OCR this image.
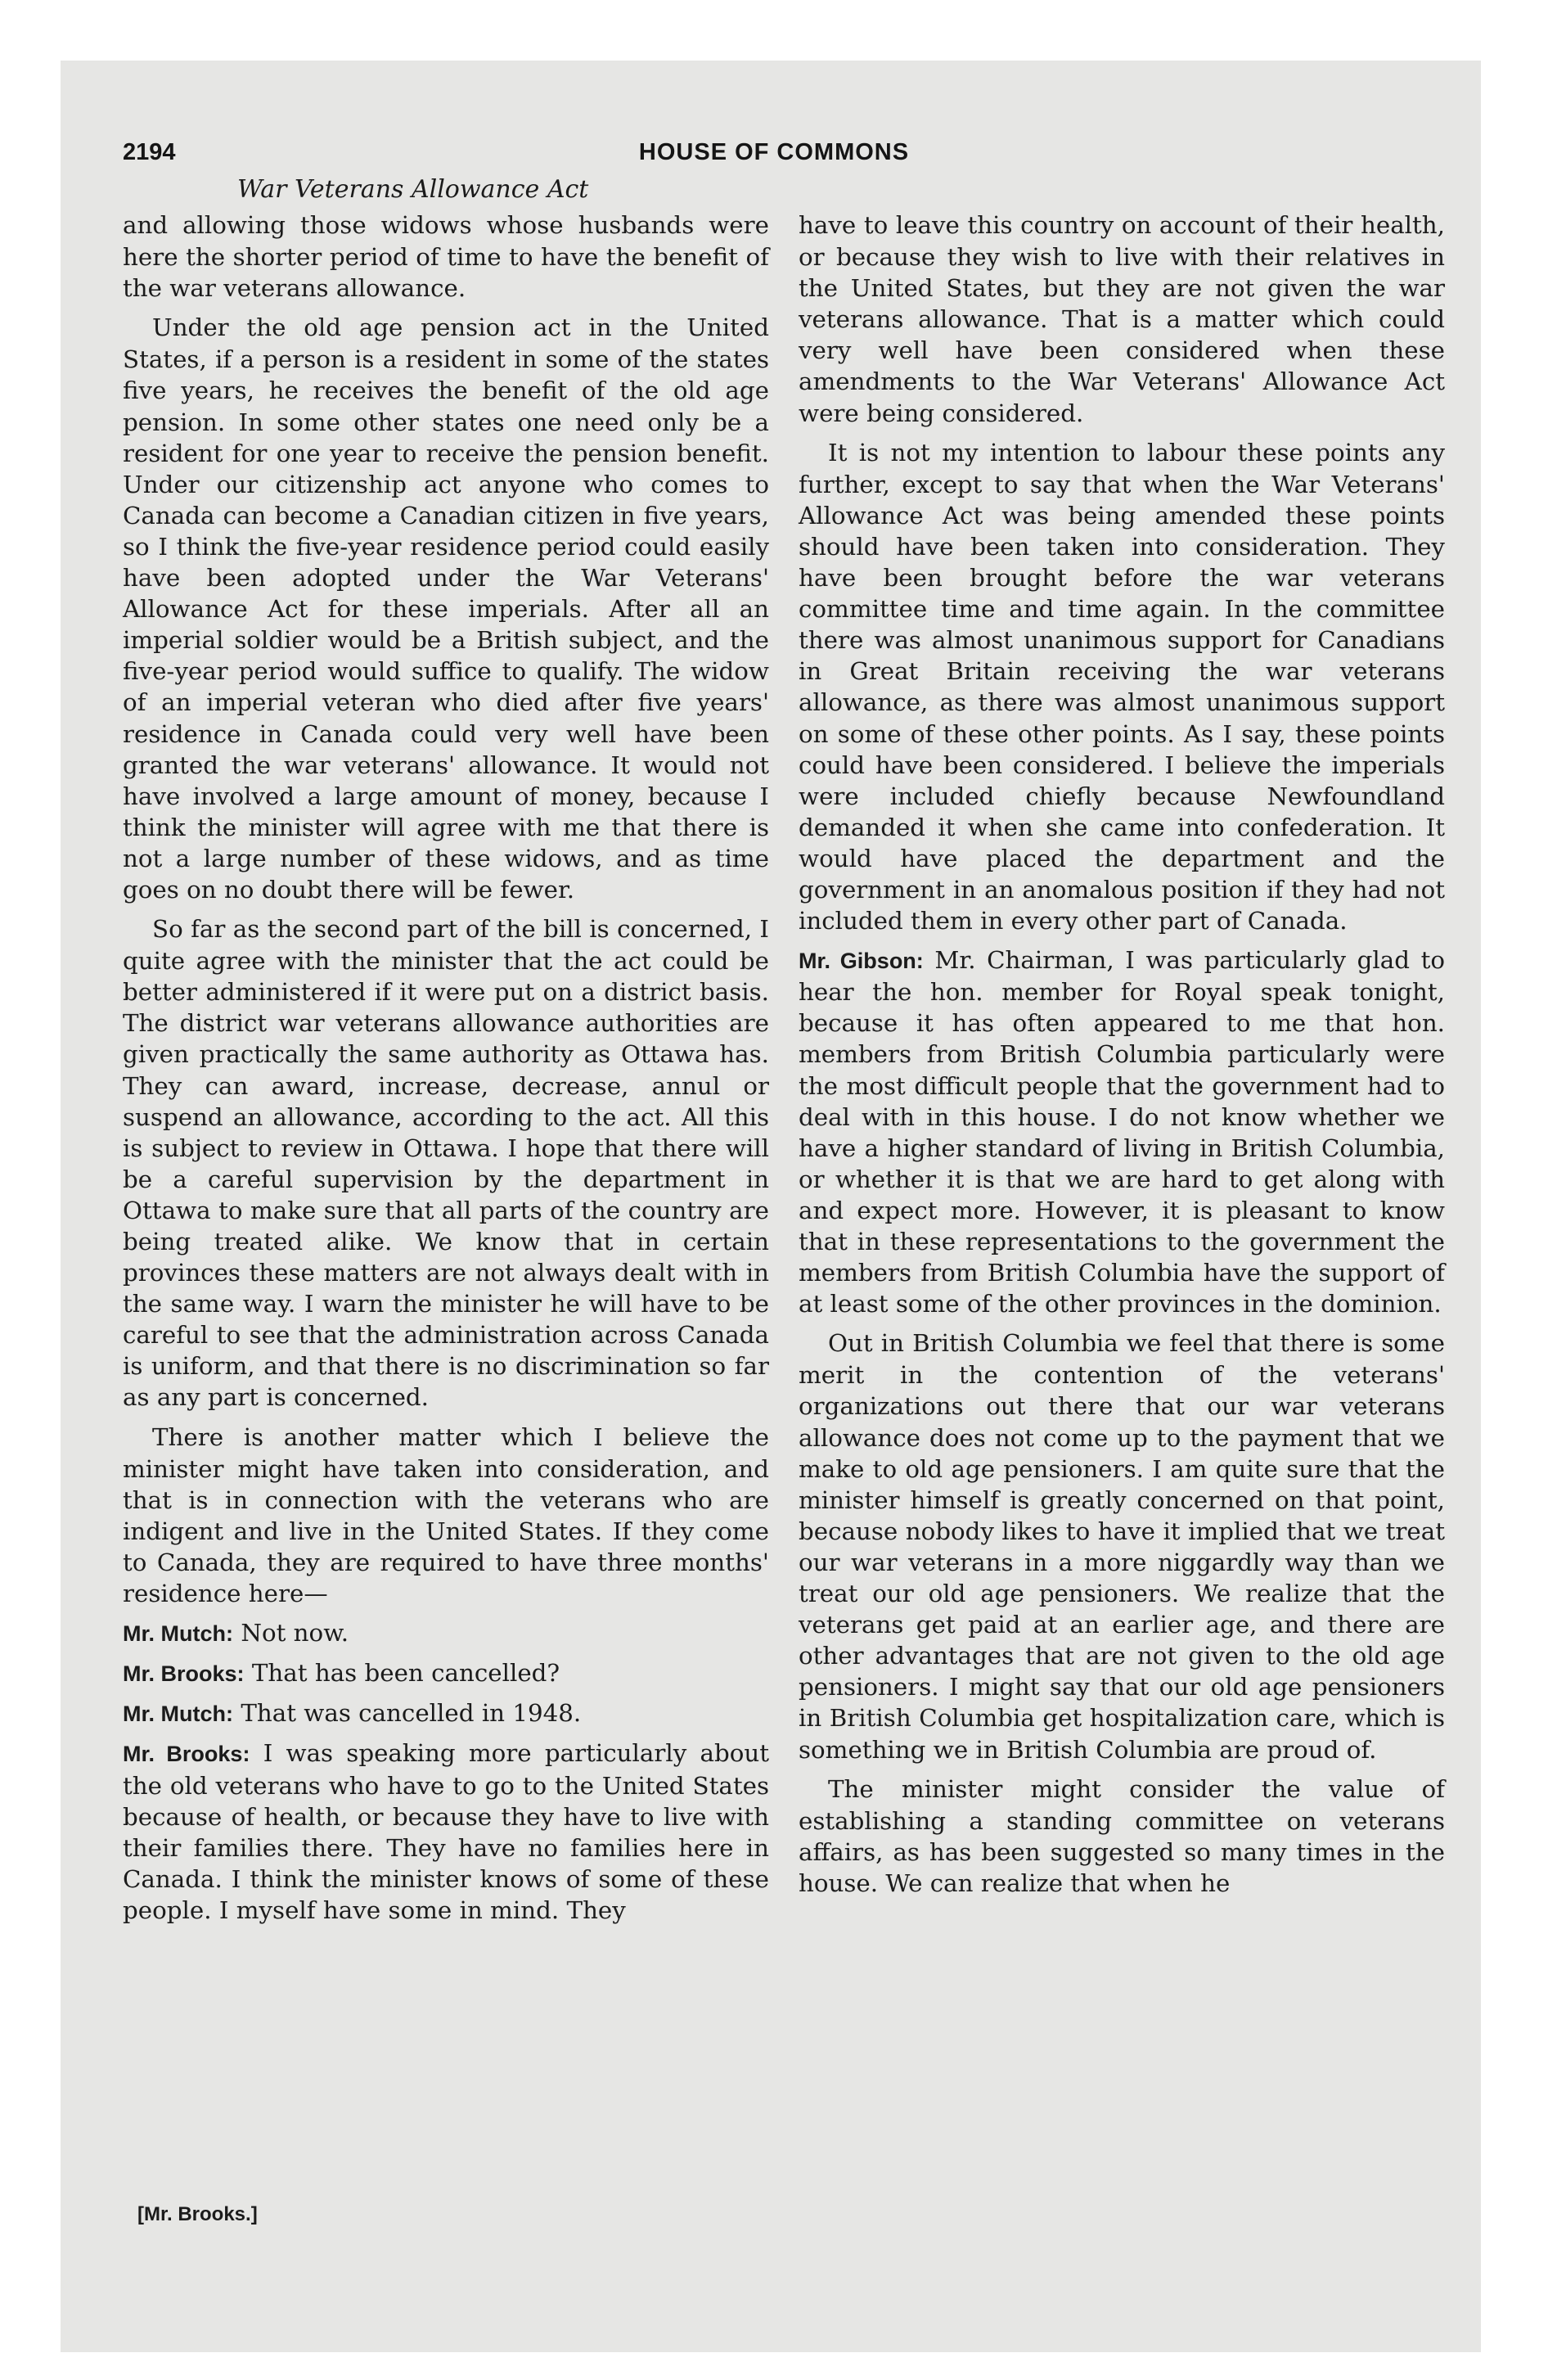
2194	HOUSE OF COMMONS
War Veterans Allowance Act

and allowing those widows whose husbands were here the shorter period of time to have the benefit of the war veterans allowance.

Under the old age pension act in the United States, if a person is a resident in some of the states five years, he receives the benefit of the old age pension. In some other states one need only be a resident for one year to receive the pension benefit. Under our citizenship act anyone who comes to Canada can become a Canadian citizen in five years, so I think the five-year residence period could easily have been adopted under the War Veterans' Allowance Act for these imperials. After all an imperial soldier would be a British subject, and the five-year period would suffice to qualify. The widow of an imperial veteran who died after five years' residence in Canada could very well have been granted the war veterans' allowance. It would not have involved a large amount of money, because I think the minister will agree with me that there is not a large number of these widows, and as time goes on no doubt there will be fewer.

So far as the second part of the bill is concerned, I quite agree with the minister that the act could be better administered if it were put on a district basis. The district war veterans allowance authorities are given practically the same authority as Ottawa has. They can award, increase, decrease, annul or suspend an allowance, according to the act. All this is subject to review in Ottawa. I hope that there will be a careful supervision by the department in Ottawa to make sure that all parts of the country are being treated alike. We know that in certain provinces these matters are not always dealt with in the same way. I warn the minister he will have to be careful to see that the administration across Canada is uniform, and that there is no discrimination so far as any part is concerned.

There is another matter which I believe the minister might have taken into consideration, and that is in connection with the veterans who are indigent and live in the United States. If they come to Canada, they are required to have three months' residence here—

Mr. Mutch: Not now.

Mr. Brooks: That has been cancelled?

Mr. Mutch: That was cancelled in 1948.

Mr. Brooks: I was speaking more particularly about the old veterans who have to go to the United States because of health, or because they have to live with their families there. They have no families here in Canada. I think the minister knows of some of these people. I myself have some in mind. They

have to leave this country on account of their health, or because they wish to live with their relatives in the United States, but they are not given the war veterans allowance. That is a matter which could very well have been considered when these amendments to the War Veterans' Allowance Act were being considered.

It is not my intention to labour these points any further, except to say that when the War Veterans' Allowance Act was being amended these points should have been taken into consideration. They have been brought before the war veterans committee time and time again. In the committee there was almost unanimous support for Canadians in Great Britain receiving the war veterans allowance, as there was almost unanimous support on some of these other points. As I say, these points could have been considered. I believe the imperials were included chiefly because Newfoundland demanded it when she came into confederation. It would have placed the department and the government in an anomalous position if they had not included them in every other part of Canada.

Mr. Gibson: Mr. Chairman, I was particularly glad to hear the hon. member for Royal speak tonight, because it has often appeared to me that hon. members from British Columbia particularly were the most difficult people that the government had to deal with in this house. I do not know whether we have a higher standard of living in British Columbia, or whether it is that we are hard to get along with and expect more. However, it is pleasant to know that in these representations to the government the members from British Columbia have the support of at least some of the other provinces in the dominion.

Out in British Columbia we feel that there is some merit in the contention of the veterans' organizations out there that our war veterans allowance does not come up to the payment that we make to old age pensioners. I am quite sure that the minister himself is greatly concerned on that point, because nobody likes to have it implied that we treat our war veterans in a more niggardly way than we treat our old age pensioners. We realize that the veterans get paid at an earlier age, and there are other advantages that are not given to the old age pensioners. I might say that our old age pensioners in British Columbia get hospitalization care, which is something we in British Columbia are proud of.

The minister might consider the value of establishing a standing committee on veterans affairs, as has been suggested so many times in the house. We can realize that when he

[Mr. Brooks.]
